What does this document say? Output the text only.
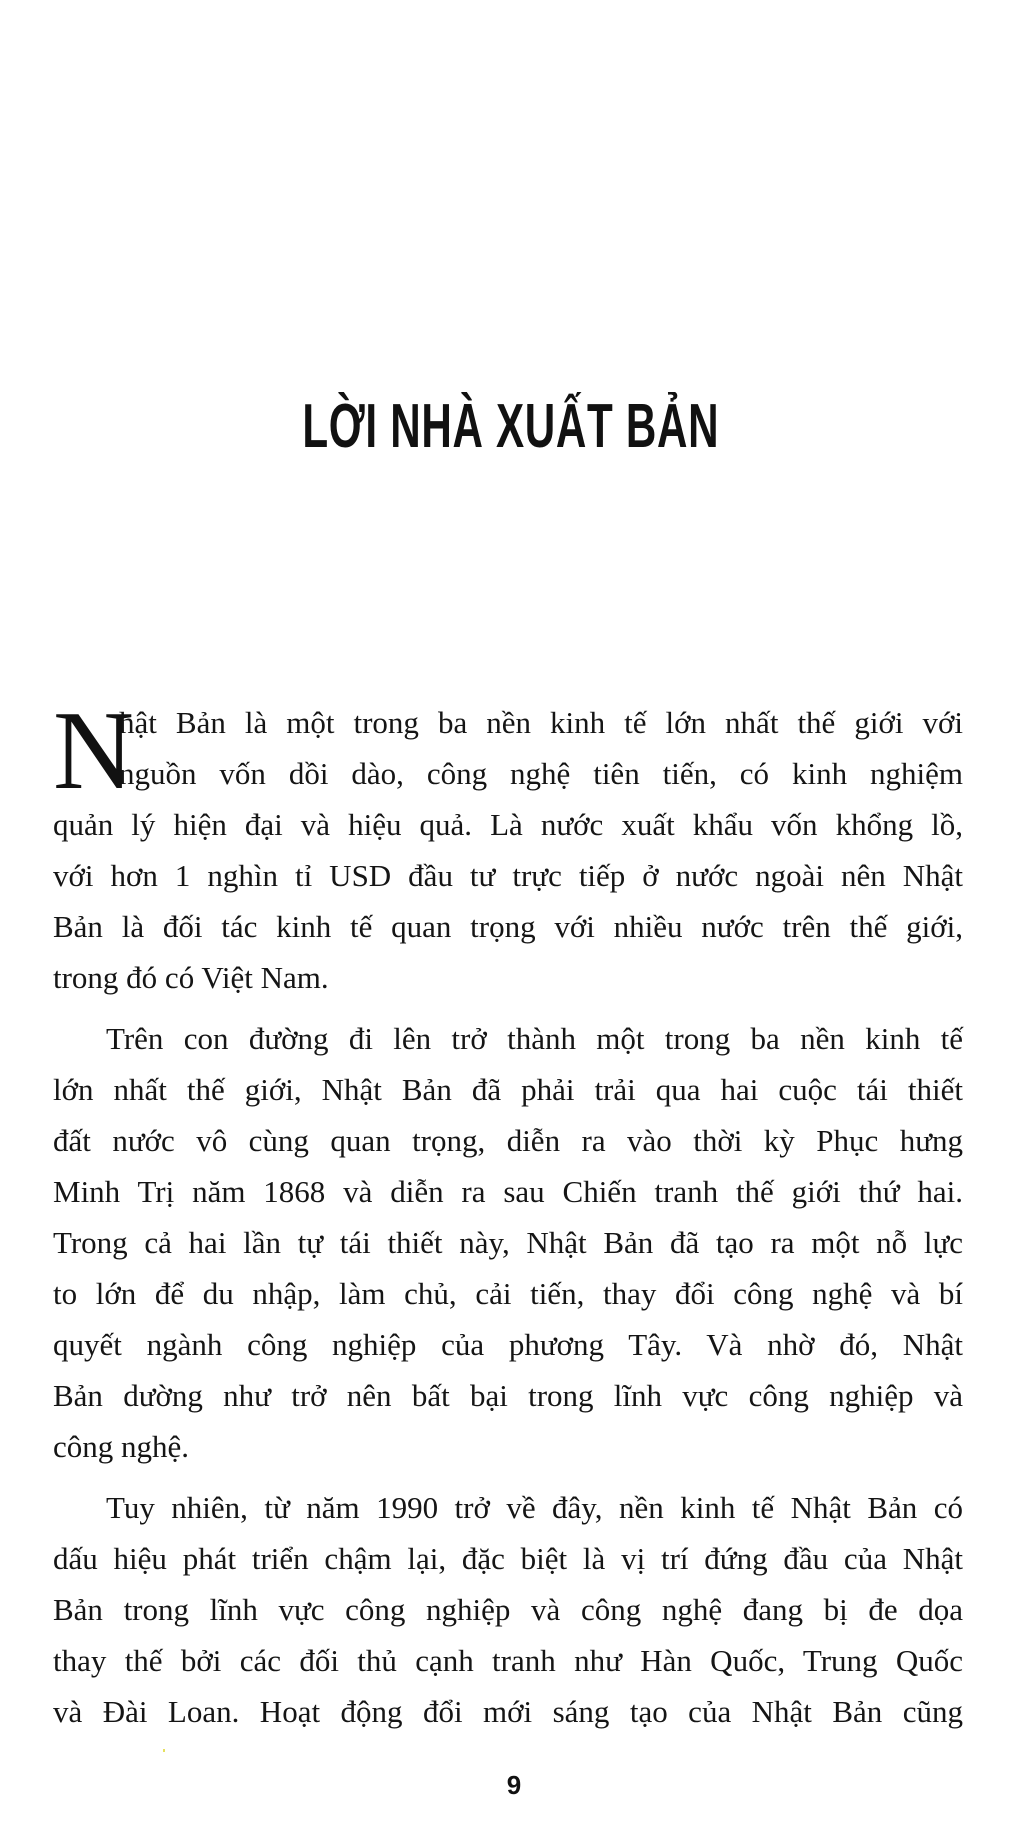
LỜI NHÀ XUẤT BẢN
N
hật Bản là một trong ba nền kinh tế lớn nhất thế giới với
nguồn vốn dồi dào, công nghệ tiên tiến, có kinh nghiệm
quản lý hiện đại và hiệu quả. Là nước xuất khẩu vốn khổng lồ,
với hơn 1 nghìn tỉ USD đầu tư trực tiếp ở nước ngoài nên Nhật
Bản là đối tác kinh tế quan trọng với nhiều nước trên thế giới,
trong đó có Việt Nam.
Trên con đường đi lên trở thành một trong ba nền kinh tế
lớn nhất thế giới, Nhật Bản đã phải trải qua hai cuộc tái thiết
đất nước vô cùng quan trọng, diễn ra vào thời kỳ Phục hưng
Minh Trị năm 1868 và diễn ra sau Chiến tranh thế giới thứ hai.
Trong cả hai lần tự tái thiết này, Nhật Bản đã tạo ra một nỗ lực
to lớn để du nhập, làm chủ, cải tiến, thay đổi công nghệ và bí
quyết ngành công nghiệp của phương Tây. Và nhờ đó, Nhật
Bản dường như trở nên bất bại trong lĩnh vực công nghiệp và
công nghệ.
Tuy nhiên, từ năm 1990 trở về đây, nền kinh tế Nhật Bản có
dấu hiệu phát triển chậm lại, đặc biệt là vị trí đứng đầu của Nhật
Bản trong lĩnh vực công nghiệp và công nghệ đang bị đe dọa
thay thế bởi các đối thủ cạnh tranh như Hàn Quốc, Trung Quốc
và Đài Loan. Hoạt động đổi mới sáng tạo của Nhật Bản cũng
9
